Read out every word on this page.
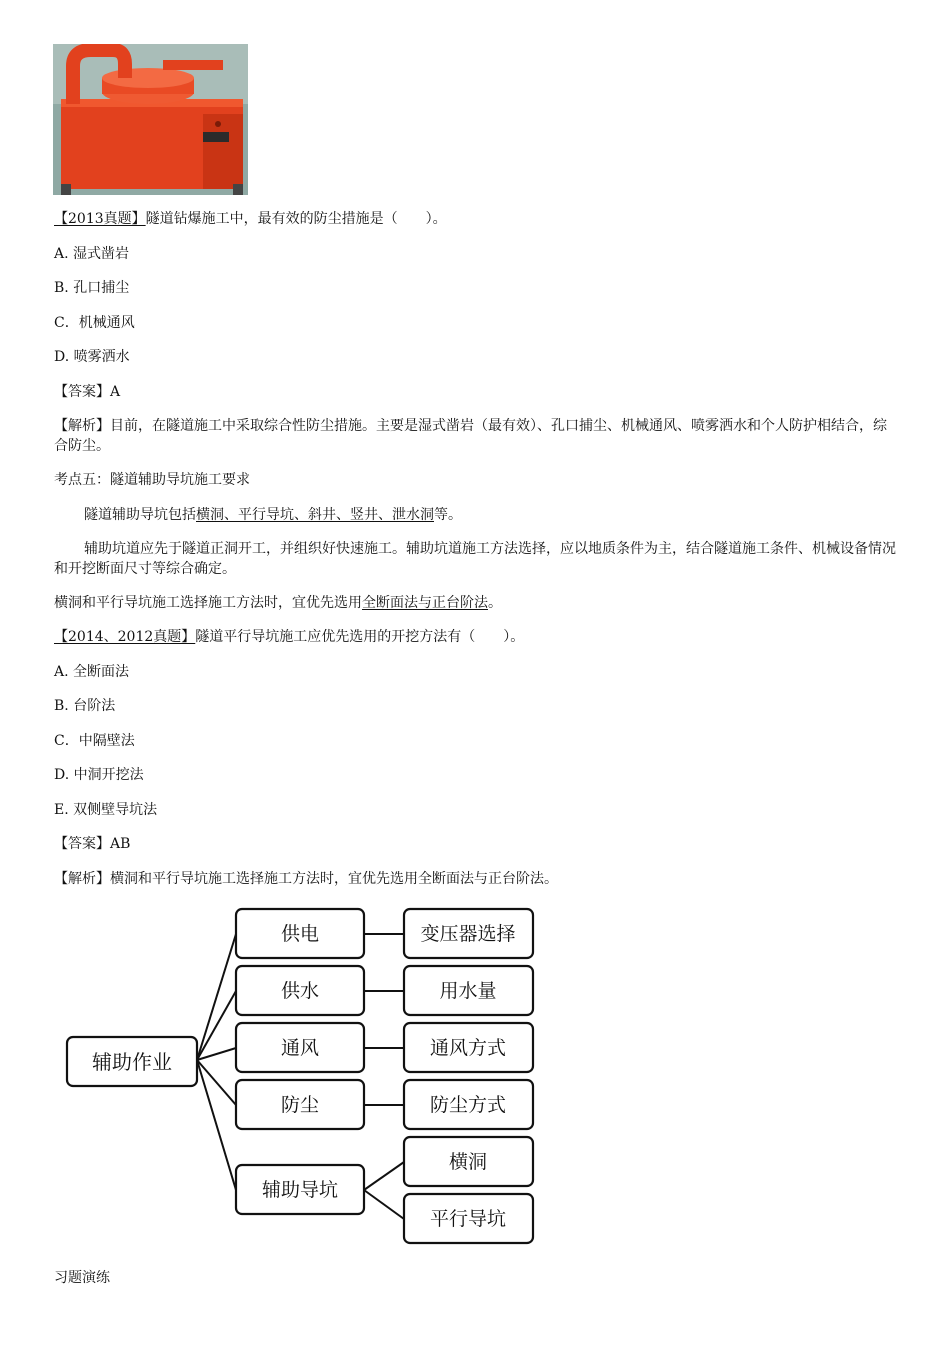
【2013真题】隧道钻爆施工中，最有效的防尘措施是（　　）。
A. 湿式凿岩
B. 孔口捕尘
C．机械通风
D. 喷雾洒水
【答案】A
【解析】目前，在隧道施工中采取综合性防尘措施。主要是湿式凿岩（最有效）、孔口捕尘、机械通风、喷雾洒水和个人防护相结合，综合防尘。
考点五：隧道辅助导坑施工要求
隧道辅助导坑包括横洞、平行导坑、斜井、竖井、泄水洞等。
辅助坑道应先于隧道正洞开工，并组织好快速施工。辅助坑道施工方法选择，应以地质条件为主，结合隧道施工条件、机械设备情况和开挖断面尺寸等综合确定。
横洞和平行导坑施工选择施工方法时，宜优先选用全断面法与正台阶法。
【2014、2012真题】隧道平行导坑施工应优先选用的开挖方法有（　　）。
A. 全断面法
B. 台阶法
C．中隔壁法
D. 中洞开挖法
E. 双侧壁导坑法
【答案】AB
【解析】横洞和平行导坑施工选择施工方法时，宜优先选用全断面法与正台阶法。
辅助作业
供电
供水
通风
防尘
辅助导坑
变压器选择
用水量
通风方式
防尘方式
横洞
平行导坑
习题演练
